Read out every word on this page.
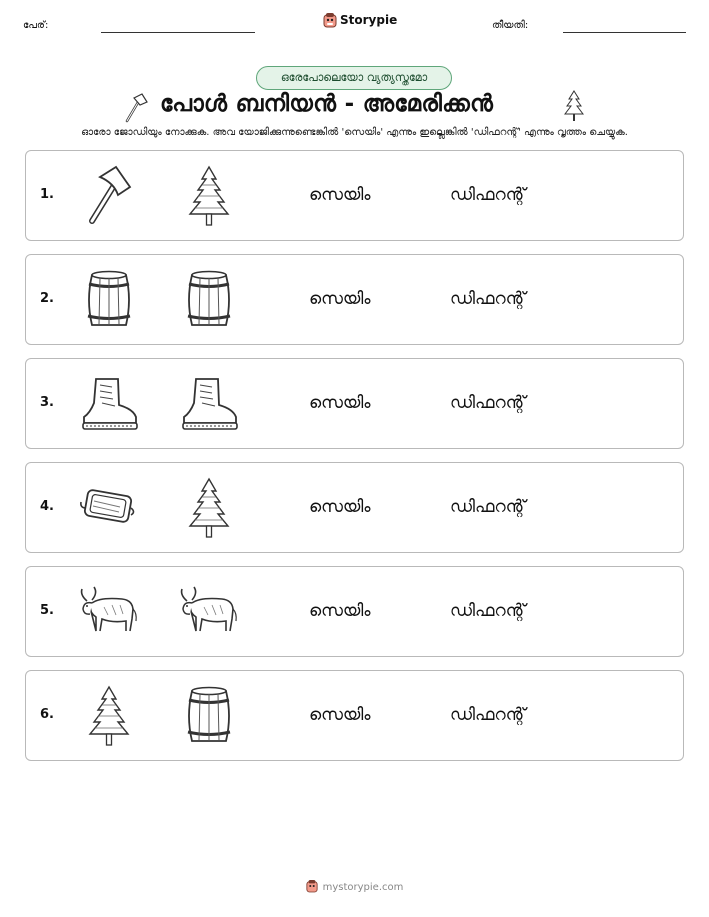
പേര്:	Storypie	തീയതി:
ഒരേപോലെയോ വ്യത്യസ്തമോ
പോൾ ബനിയൻ - അമേരിക്കൻ
ഓരോ ജോഡിയും നോക്കുക. അവ യോജിക്കുന്നുണ്ടെങ്കിൽ 'സെയിം' എന്നും ഇല്ലെങ്കിൽ 'ഡിഫറന്റ്' എന്നും വൃത്തം ചെയ്യുക.
1.	സെയിം	ഡിഫറന്റ്
2.	സെയിം	ഡിഫറന്റ്
3.	സെയിം	ഡിഫറന്റ്
4.	സെയിം	ഡിഫറന്റ്
5.	സെയിം	ഡിഫറന്റ്
6.	സെയിം	ഡിഫറന്റ്
mystorypie.com
